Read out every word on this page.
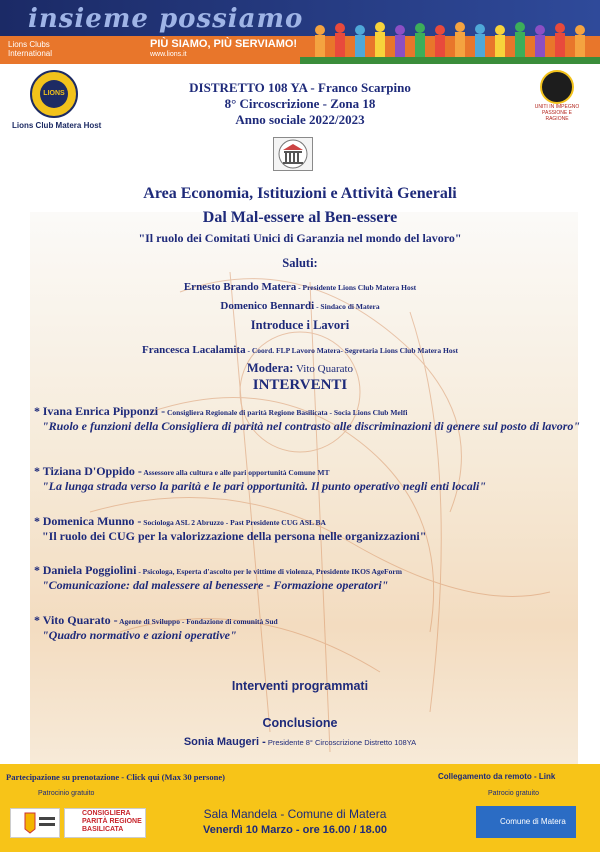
insieme possiamo
Lions Clubs International
PIÙ SIAMO, PIÙ SERVIAMO!
www.lions.it
LIONS
Lions Club Matera Host
UNITI IN IMPEGNO PASSIONE E RAGIONE
DISTRETTO 108 YA - Franco Scarpino
8° Circoscrizione - Zona 18
Anno sociale 2022/2023
Area Economia, Istituzioni e Attività Generali
Dal Mal-essere al Ben-essere
"Il ruolo dei Comitati Unici di Garanzia nel mondo del lavoro"
Saluti:
Ernesto Brando Matera - Presidente Lions Club Matera Host
Domenico Bennardi - Sindaco di Matera
Introduce i Lavori
Francesca Lacalamita - Coord. FLP Lavoro Matera- Segretaria Lions Club Matera Host
Modera: Vito Quarato
INTERVENTI
* Ivana Enrica Pipponzi - Consigliera Regionale di parità Regione Basilicata - Socia Lions Club Melfi
"Ruolo e funzioni della Consigliera di parità nel contrasto alle discriminazioni di genere sul posto di lavoro"
* Tiziana D'Oppido - Assessore alla cultura e alle pari opportunità Comune MT
"La lunga strada verso la parità e le pari opportunità. Il punto operativo negli enti locali"
* Domenica Munno - Sociologa ASL 2 Abruzzo - Past Presidente CUG ASL BA
"Il ruolo dei CUG per la valorizzazione della persona nelle organizzazioni"
* Daniela Poggiolini - Psicologa, Esperta d'ascolto per le vittime di violenza, Presidente IKOS AgeForm
"Comunicazione: dal malessere al benessere - Formazione operatori"
* Vito Quarato - Agente di Sviluppo - Fondazione di comunità Sud
"Quadro normativo e azioni operative"
Interventi programmati
Conclusione
Sonia Maugeri - Presidente 8° Circoscrizione Distretto 108YA
Partecipazione su prenotazione - Click qui (Max 30 persone)	Collegamento da remoto - Link
Patrocinio gratuito	Patrocio gratuito
CONSIGLIERA PARITÀ REGIONE BASILICATA
Comune di Matera
Sala Mandela - Comune di Matera
Venerdì 10 Marzo - ore 16.00 / 18.00
